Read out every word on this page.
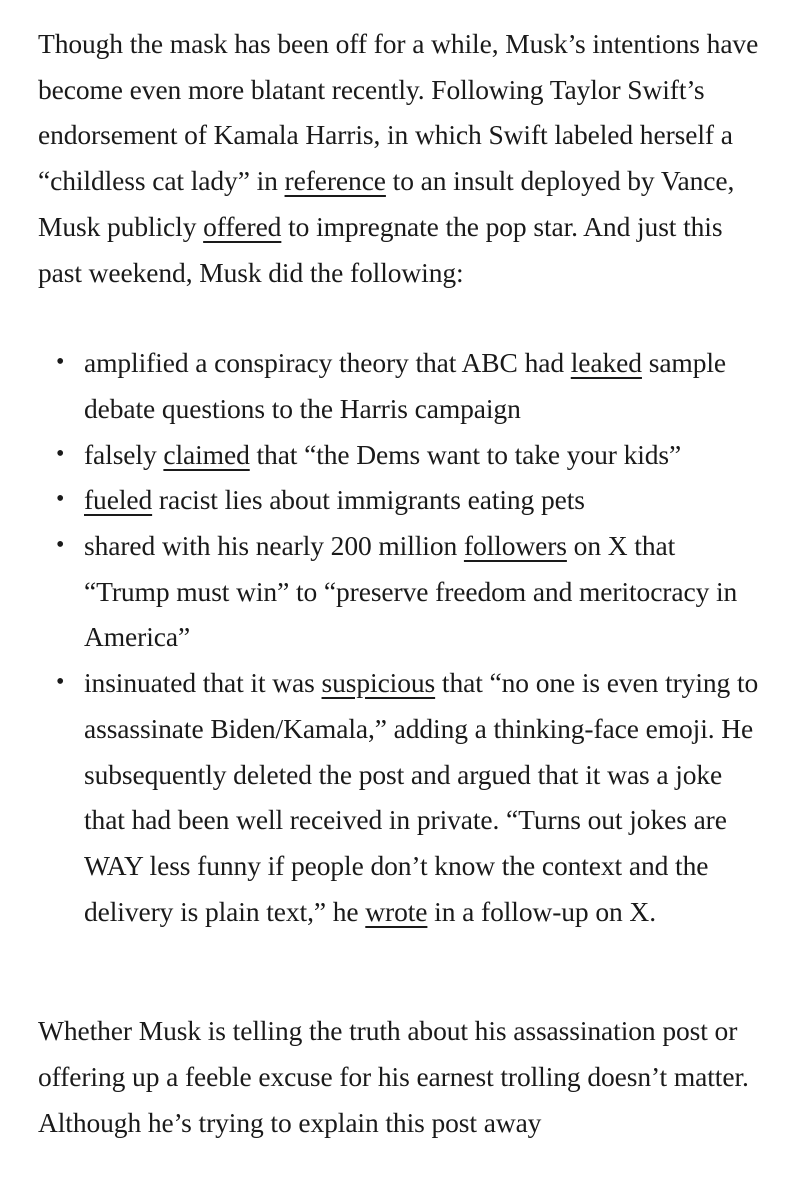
Though the mask has been off for a while, Musk’s intentions have become even more blatant recently. Following Taylor Swift’s endorsement of Kamala Harris, in which Swift labeled herself a “childless cat lady” in reference to an insult deployed by Vance, Musk publicly offered to impregnate the pop star. And just this past weekend, Musk did the following:

• amplified a conspiracy theory that ABC had leaked sample debate questions to the Harris campaign
• falsely claimed that “the Dems want to take your kids”
• fueled racist lies about immigrants eating pets
• shared with his nearly 200 million followers on X that “Trump must win” to “preserve freedom and meritocracy in America”
• insinuated that it was suspicious that “no one is even trying to assassinate Biden/Kamala,” adding a thinking-face emoji. He subsequently deleted the post and argued that it was a joke that had been well received in private. “Turns out jokes are WAY less funny if people don’t know the context and the delivery is plain text,” he wrote in a follow-up on X.

Whether Musk is telling the truth about his assassination post or offering up a feeble excuse for his earnest trolling doesn’t matter. Although he’s trying to explain this post away
